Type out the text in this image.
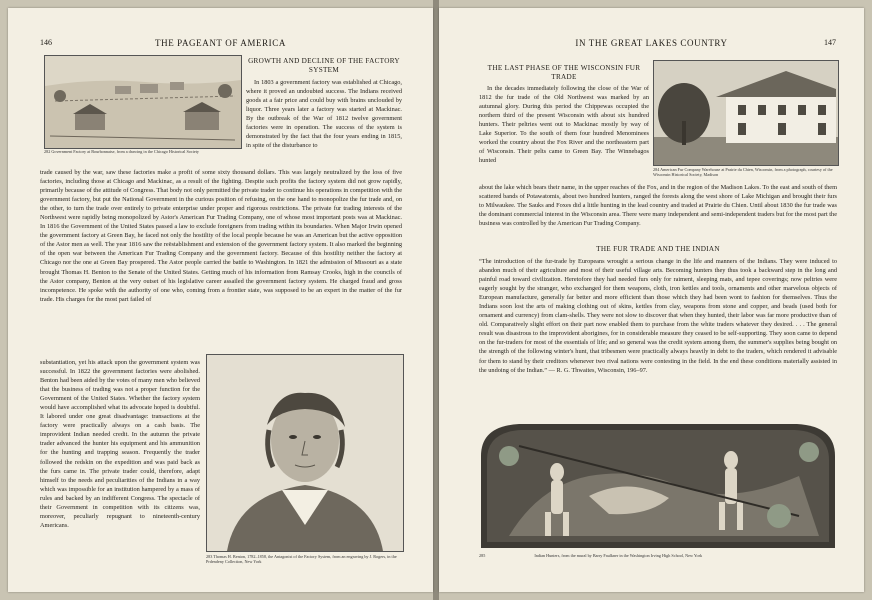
146	THE PAGEANT OF AMERICA
282 Government Factory at Bourbonnaise, from a drawing in the Chicago Historical Society
GROWTH AND DECLINE OF THE FACTORY SYSTEM

In 1803 a government factory was established at Chicago, where it proved an undoubted success. The Indians received goods at a fair price and could buy with brains unclouded by liquor. Three years later a factory was started at Mackinac. By the outbreak of the War of 1812 twelve government factories were in operation. The success of the system is demonstrated by the fact that the four years ending in 1815, in spite of the disturbance to

trade caused by the war, saw these factories make a profit of some sixty thousand dollars. This was largely neutralized by the loss of five factories, including those at Chicago and Mackinac, as a result of the fighting. Despite such profits the factory system did not grow rapidly, primarily because of the attitude of Congress. That body not only permitted the private trader to continue his operations in competition with the government factory, but put the National Government in the curious position of refusing, on the one hand to monopolize the fur trade and, on the other, to turn the trade over entirely to private enterprise under proper and rigorous restrictions. The private fur trading interests of the Northwest were rapidly being monopolized by Astor's American Fur Trading Company, one of whose most important posts was at Mackinac. In 1816 the Government of the United States passed a law to exclude foreigners from trading within its boundaries. When Major Irwin opened the government factory at Green Bay, he faced not only the hostility of the local people because he was an American but the active opposition of the Astor men as well. The year 1816 saw the reëstablishment and extension of the government factory system. It also marked the beginning of the open war between the American Fur Trading Company and the government factory. Because of this hostility neither the factory at Chicago nor the one at Green Bay prospered. The Astor people carried the battle to Washington. In 1821 the admission of Missouri as a state brought Thomas H. Benton to the Senate of the United States. Getting much of his information from Ramsay Crooks, high in the councils of the Astor company, Benton at the very outset of his legislative career assailed the government factory system. He charged fraud and gross incompetence. He spoke with the authority of one who, coming from a frontier state, was supposed to be an expert in the matter of the fur trade. His charges for the most part failed of

substantiation, yet his attack upon the government system was successful. In 1822 the government factories were abolished. Benton had been aided by the votes of many men who believed that the business of trading was not a proper function for the Government of the United States. Whether the factory system would have accomplished what its advocate hoped is doubtful. It labored under one great disadvantage: transactions at the factory were practically always on a cash basis. The improvident Indian needed credit. In the autumn the private trader advanced the hunter his equipment and his ammunition for the hunting and trapping season. Frequently the trader followed the redskin on the expedition and was paid back as the furs came in. The private trader could, therefore, adapt himself to the needs and peculiarities of the Indians in a way which was impossible for an institution hampered by a mass of rules and backed by an indifferent Congress. The spectacle of their Government in competition with its citizens was, moreover, peculiarly repugnant to nineteenth-century Americans.

283 Thomas H. Benton, 1782–1858, the Antagonist of the Factory System, from an engraving by J. Rogers, in the Prdendeny Collection, New York
IN THE GREAT LAKES COUNTRY	147
THE LAST PHASE OF THE WISCONSIN FUR TRADE

In the decades immediately following the close of the War of 1812 the fur trade of the Old Northwest was marked by an autumnal glory. During this period the Chippewas occupied the northern third of the present Wisconsin with about six hundred hunters. Their peltries went out to Mackinac mostly by way of Lake Superior. To the south of them four hundred Menominees worked the country about the Fox River and the northeastern part of Wisconsin. Their pelts came to Green Bay. The Winnebagos hunted

284 American Fur Company Warehouse at Prairie du Chien, Wisconsin, from a photograph, courtesy of the Wisconsin Historical Society, Madison

about the lake which bears their name, in the upper reaches of the Fox, and in the region of the Madison Lakes. To the east and south of them scattered bands of Potawatomis, about two hundred hunters, ranged the forests along the west shore of Lake Michigan and brought their furs to Milwaukee. The Sauks and Foxes did a little hunting in the lead country and traded at Prairie du Chien. Until about 1830 the fur trade was the dominant commercial interest in the Wisconsin area. There were many independent and semi-independent traders but for the most part the business was controlled by the American Fur Trading Company.

THE FUR TRADE AND THE INDIAN

“The introduction of the fur-trade by Europeans wrought a serious change in the life and manners of the Indians. They were induced to abandon much of their agriculture and most of their useful village arts. Becoming hunters they thus took a backward step in the long and painful road toward civilization. Heretofore they had needed furs only for raiment, sleeping mats, and tepee coverings; now peltries were eagerly sought by the stranger, who exchanged for them weapons, cloth, iron kettles and tools, ornaments and other marvelous objects of European manufacture, generally far better and more efficient than those which they had been wont to fashion for themselves. Thus the Indians soon lost the arts of making clothing out of skins, kettles from clay, weapons from stone and copper, and beads (used both for ornament and currency) from clam-shells. They were not slow to discover that when they hunted, their labor was far more productive than of old. Comparatively slight effort on their part now enabled them to purchase from the white traders whatever they desired. . . . The general result was disastrous to the improvident aborigines, for in considerable measure they ceased to be self-supporting. They soon came to depend on the fur-traders for most of the essentials of life; and so general was the credit system among them, the summer's supplies being bought on the strength of the following winter's hunt, that tribesmen were practically always heavily in debt to the traders, which rendered it advisable for them to stand by their creditors whenever two rival nations were contesting in the field. In the end these conditions materially assisted in the undoing of the Indian.” — R. G. Thwaites, Wisconsin, 196–97.

285	Indian Hunters, from the mural by Barry Faulkner in the Washington Irving High School, New York
